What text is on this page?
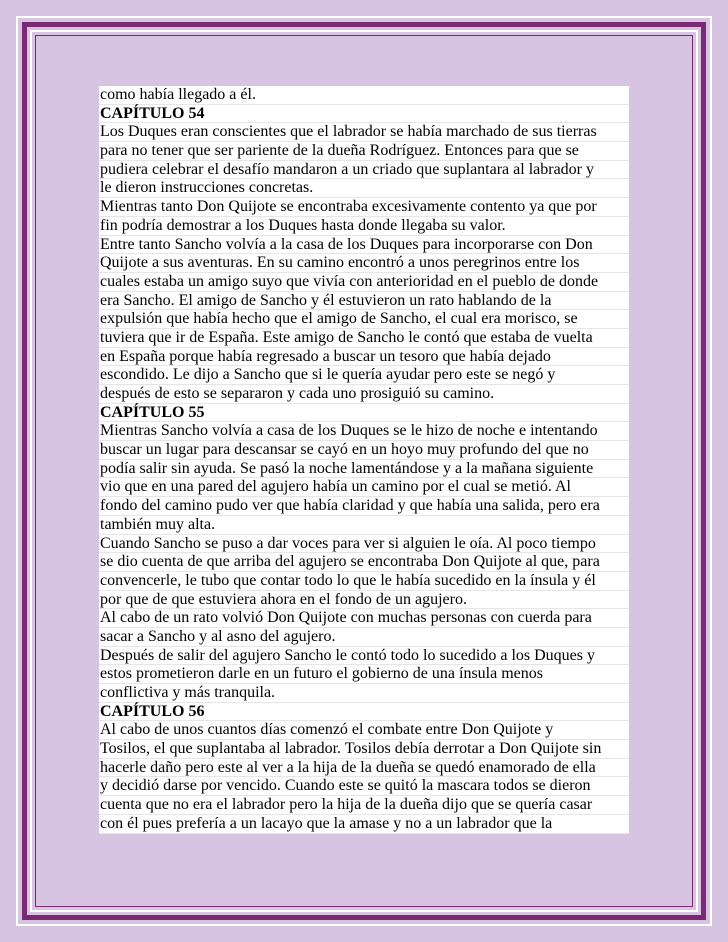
como había llegado a él.
CAPÍTULO 54
Los Duques eran conscientes que el labrador se había marchado de sus tierras
para no tener que ser pariente de la dueña Rodríguez. Entonces para que se
pudiera celebrar el desafío mandaron a un criado que suplantara al labrador y
le dieron instrucciones concretas.
Mientras tanto Don Quijote se encontraba excesivamente contento ya que por
fin podría demostrar a los Duques hasta donde llegaba su valor.
Entre tanto Sancho volvía a la casa de los Duques para incorporarse con Don
Quijote a sus aventuras. En su camino encontró a unos peregrinos entre los
cuales estaba un amigo suyo que vivía con anterioridad en el pueblo de donde
era Sancho. El amigo de Sancho y él estuvieron un rato hablando de la
expulsión que había hecho que el amigo de Sancho, el cual era morisco, se
tuviera que ir de España. Este amigo de Sancho le contó que estaba de vuelta
en España porque había regresado a buscar un tesoro que había dejado
escondido. Le dijo a Sancho que si le quería ayudar pero este se negó y
después de esto se separaron y cada uno prosiguió su camino.
CAPÍTULO 55
Mientras Sancho volvía a casa de los Duques se le hizo de noche e intentando
buscar un lugar para descansar se cayó en un hoyo muy profundo del que no
podía salir sin ayuda. Se pasó la noche lamentándose y a la mañana siguiente
vio que en una pared del agujero había un camino por el cual se metió. Al
fondo del camino pudo ver que había claridad y que había una salida, pero era
también muy alta.
Cuando Sancho se puso a dar voces para ver si alguien le oía. Al poco tiempo
se dio cuenta de que arriba del agujero se encontraba Don Quijote al que, para
convencerle, le tubo que contar todo lo que le había sucedido en la ínsula y él
por que de que estuviera ahora en el fondo de un agujero.
Al cabo de un rato volvió Don Quijote con muchas personas con cuerda para
sacar a Sancho y al asno del agujero.
Después de salir del agujero Sancho le contó todo lo sucedido a los Duques y
estos prometieron darle en un futuro el gobierno de una ínsula menos
conflictiva y más tranquila.
CAPÍTULO 56
Al cabo de unos cuantos días comenzó el combate entre Don Quijote y
Tosilos, el que suplantaba al labrador. Tosilos debía derrotar a Don Quijote sin
hacerle daño pero este al ver a la hija de la dueña se quedó enamorado de ella
y decidió darse por vencido. Cuando este se quitó la mascara todos se dieron
cuenta que no era el labrador pero la hija de la dueña dijo que se quería casar
con él pues prefería a un lacayo que la amase y no a un labrador que la
